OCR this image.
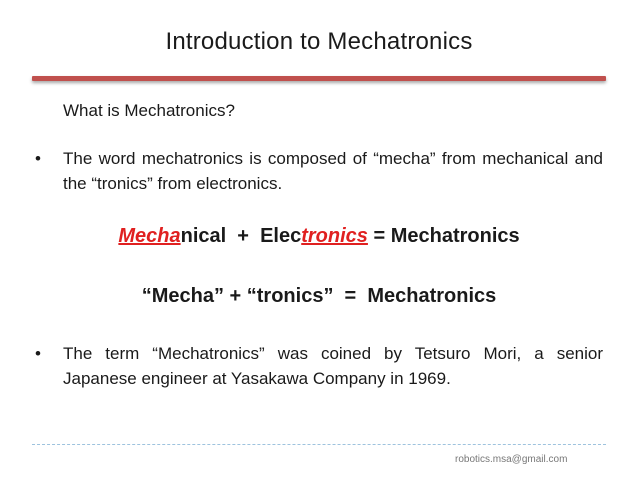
Introduction to Mechatronics
What is Mechatronics?
• The word mechatronics is composed of “mecha” from mechanical and the “tronics” from electronics.
Mechanical  +  Electronics = Mechatronics
“Mecha” + “tronics”  =  Mechatronics
• The term “Mechatronics” was coined by Tetsuro Mori, a senior Japanese engineer at Yasakawa Company in 1969.
robotics.msa@gmail.com
